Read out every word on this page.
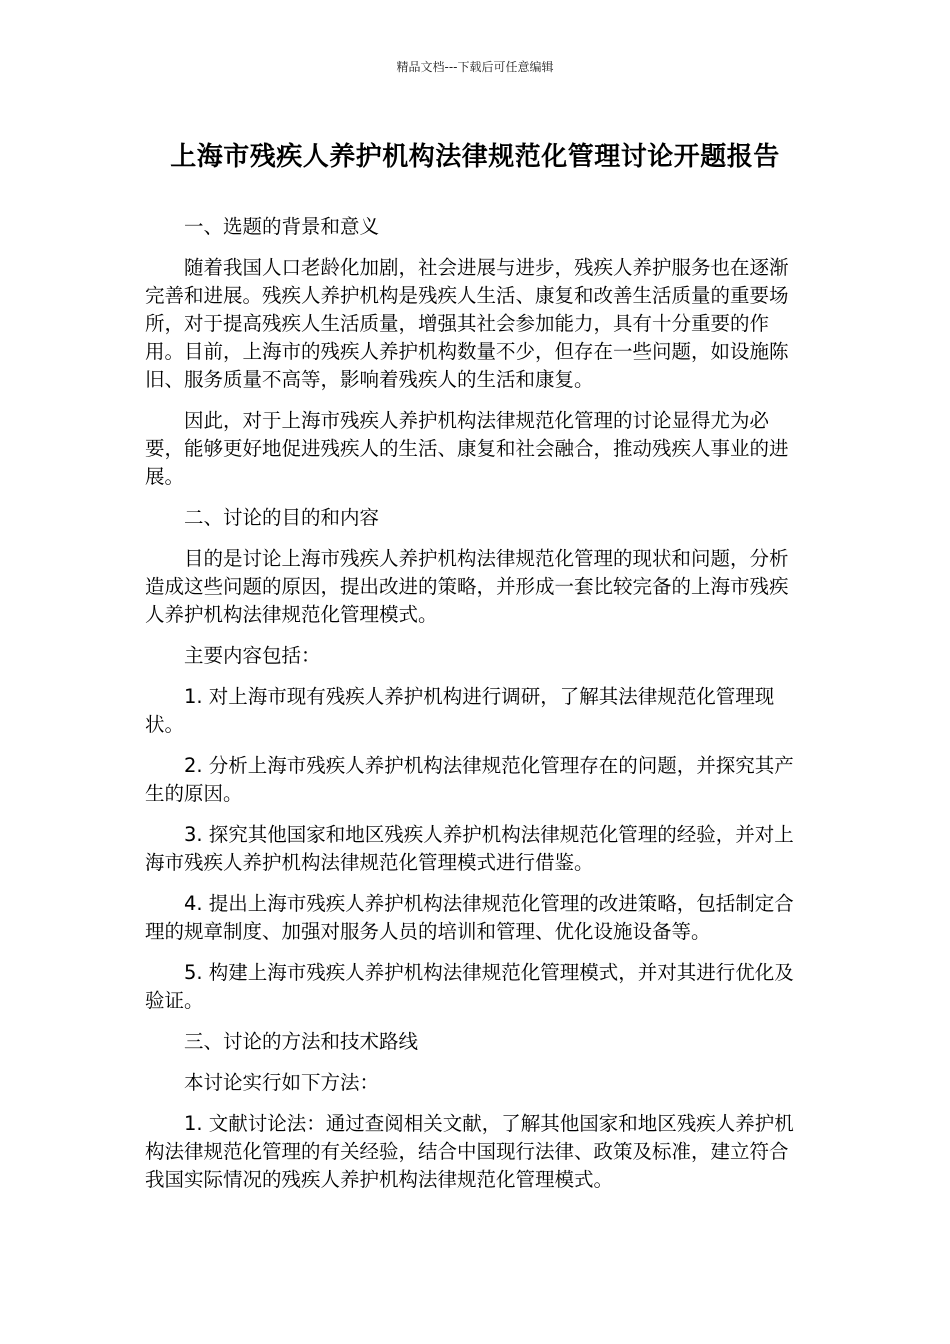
精品文档---下载后可任意编辑
上海市残疾人养护机构法律规范化管理讨论开题报告

一、选题的背景和意义

随着我国人口老龄化加剧，社会进展与进步，残疾人养护服务也在逐渐完善和进展。残疾人养护机构是残疾人生活、康复和改善生活质量的重要场所，对于提高残疾人生活质量，增强其社会参加能力，具有十分重要的作用。目前，上海市的残疾人养护机构数量不少，但存在一些问题，如设施陈旧、服务质量不高等，影响着残疾人的生活和康复。

因此，对于上海市残疾人养护机构法律规范化管理的讨论显得尤为必要，能够更好地促进残疾人的生活、康复和社会融合，推动残疾人事业的进展。

二、讨论的目的和内容

目的是讨论上海市残疾人养护机构法律规范化管理的现状和问题，分析造成这些问题的原因，提出改进的策略，并形成一套比较完备的上海市残疾人养护机构法律规范化管理模式。

主要内容包括：

1. 对上海市现有残疾人养护机构进行调研，了解其法律规范化管理现状。

2. 分析上海市残疾人养护机构法律规范化管理存在的问题，并探究其产生的原因。

3. 探究其他国家和地区残疾人养护机构法律规范化管理的经验，并对上海市残疾人养护机构法律规范化管理模式进行借鉴。

4. 提出上海市残疾人养护机构法律规范化管理的改进策略，包括制定合理的规章制度、加强对服务人员的培训和管理、优化设施设备等。

5. 构建上海市残疾人养护机构法律规范化管理模式，并对其进行优化及验证。

三、讨论的方法和技术路线

本讨论实行如下方法：

1. 文献讨论法：通过查阅相关文献，了解其他国家和地区残疾人养护机构法律规范化管理的有关经验，结合中国现行法律、政策及标准，建立符合我国实际情况的残疾人养护机构法律规范化管理模式。
